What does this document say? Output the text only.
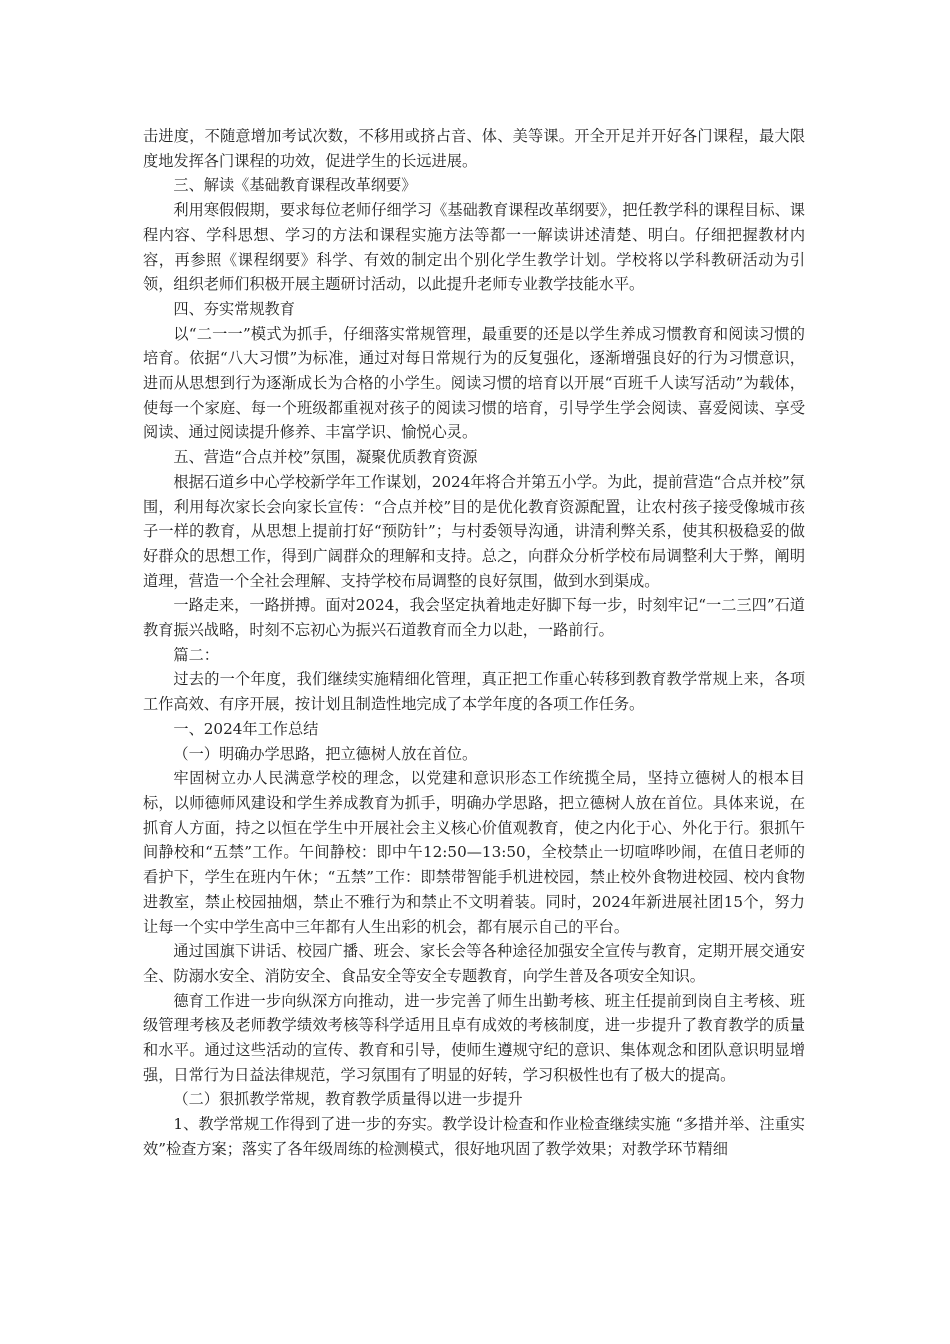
击进度，不随意增加考试次数，不移用或挤占音、体、美等课。开全开足并开好各门课程，最大限度地发挥各门课程的功效，促进学生的长远进展。

三、解读《基础教育课程改革纲要》

利用寒假假期，要求每位老师仔细学习《基础教育课程改革纲要》，把任教学科的课程目标、课程内容、学科思想、学习的方法和课程实施方法等都一一解读讲述清楚、明白。仔细把握教材内容，再参照《课程纲要》科学、有效的制定出个别化学生教学计划。学校将以学科教研活动为引领，组织老师们积极开展主题研讨活动，以此提升老师专业教学技能水平。

四、夯实常规教育

以“二一一”模式为抓手，仔细落实常规管理，最重要的还是以学生养成习惯教育和阅读习惯的培育。依据“八大习惯”为标准，通过对每日常规行为的反复强化，逐渐增强良好的行为习惯意识，进而从思想到行为逐渐成长为合格的小学生。阅读习惯的培育以开展“百班千人读写活动”为载体，使每一个家庭、每一个班级都重视对孩子的阅读习惯的培育，引导学生学会阅读、喜爱阅读、享受阅读、通过阅读提升修养、丰富学识、愉悦心灵。

五、营造“合点并校”氛围，凝聚优质教育资源

根据石道乡中心学校新学年工作谋划，2024年将合并第五小学。为此，提前营造“合点并校”氛围，利用每次家长会向家长宣传：“合点并校”目的是优化教育资源配置，让农村孩子接受像城市孩子一样的教育，从思想上提前打好“预防针”；与村委领导沟通，讲清利弊关系，使其积极稳妥的做好群众的思想工作，得到广阔群众的理解和支持。总之，向群众分析学校布局调整利大于弊，阐明道理，营造一个全社会理解、支持学校布局调整的良好氛围，做到水到渠成。

一路走来，一路拼搏。面对2024，我会坚定执着地走好脚下每一步，时刻牢记“一二三四”石道教育振兴战略，时刻不忘初心为振兴石道教育而全力以赴，一路前行。

篇二：

过去的一个年度，我们继续实施精细化管理，真正把工作重心转移到教育教学常规上来，各项工作高效、有序开展，按计划且制造性地完成了本学年度的各项工作任务。

一、2024年工作总结

（一）明确办学思路，把立德树人放在首位。

牢固树立办人民满意学校的理念，以党建和意识形态工作统揽全局，坚持立德树人的根本目标，以师德师风建设和学生养成教育为抓手，明确办学思路，把立德树人放在首位。具体来说，在抓育人方面，持之以恒在学生中开展社会主义核心价值观教育，使之内化于心、外化于行。狠抓午间静校和“五禁”工作。午间静校：即中午12:50—13:50，全校禁止一切喧哗吵闹，在值日老师的看护下，学生在班内午休；“五禁”工作：即禁带智能手机进校园，禁止校外食物进校园、校内食物进教室，禁止校园抽烟，禁止不雅行为和禁止不文明着装。同时，2024年新进展社团15个，努力让每一个实中学生高中三年都有人生出彩的机会，都有展示自己的平台。

通过国旗下讲话、校园广播、班会、家长会等各种途径加强安全宣传与教育，定期开展交通安全、防溺水安全、消防安全、食品安全等安全专题教育，向学生普及各项安全知识。

德育工作进一步向纵深方向推动，进一步完善了师生出勤考核、班主任提前到岗自主考核、班级管理考核及老师教学绩效考核等科学适用且卓有成效的考核制度，进一步提升了教育教学的质量和水平。通过这些活动的宣传、教育和引导，使师生遵规守纪的意识、集体观念和团队意识明显增强，日常行为日益法律规范，学习氛围有了明显的好转，学习积极性也有了极大的提高。

（二）狠抓教学常规，教育教学质量得以进一步提升

1、教学常规工作得到了进一步的夯实。教学设计检查和作业检查继续实施 “多措并举、注重实效”检查方案；落实了各年级周练的检测模式，很好地巩固了教学效果；对教学环节精细
